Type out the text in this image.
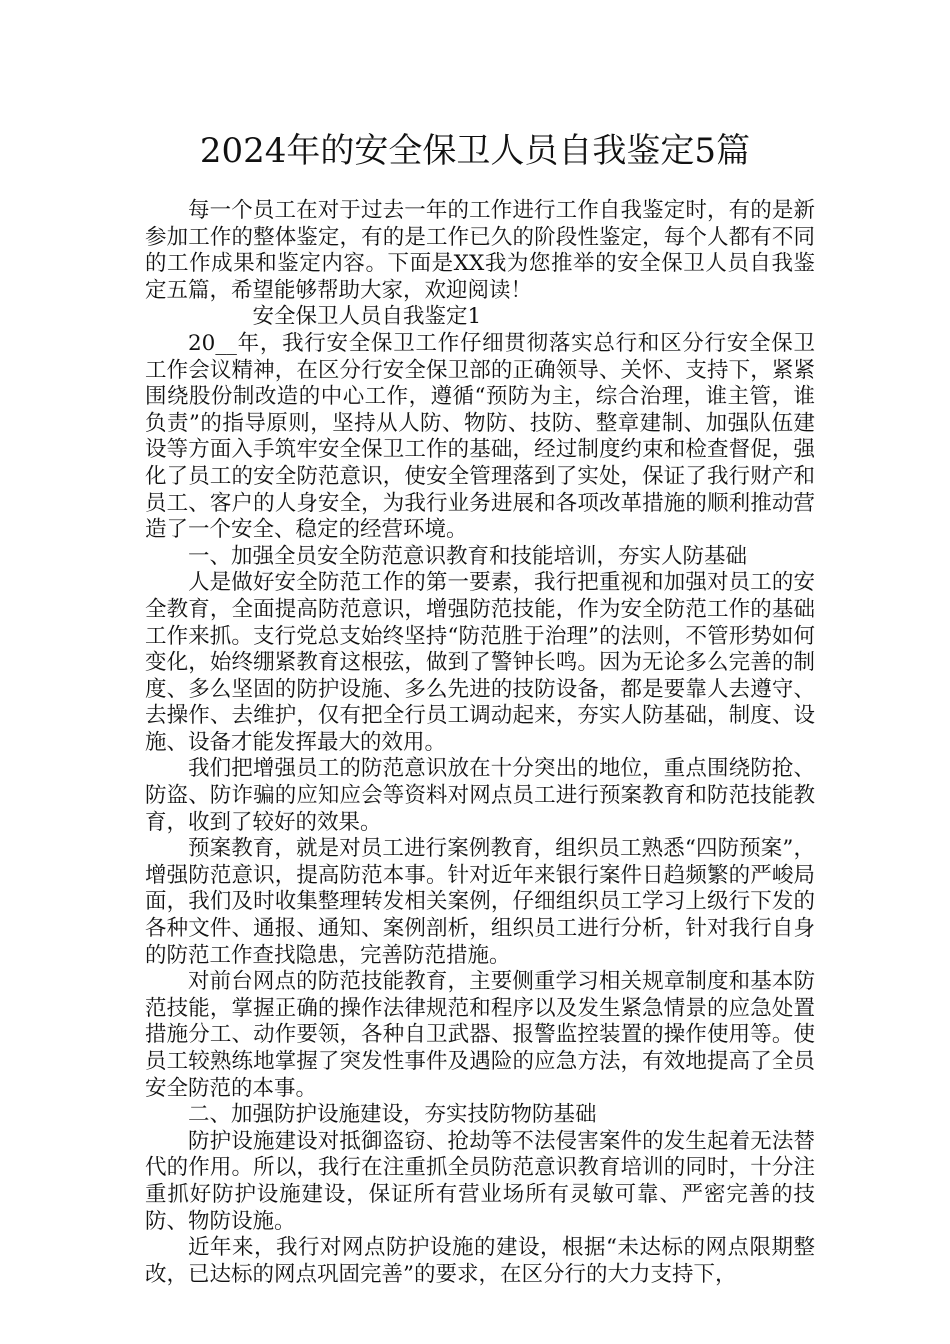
2024年的安全保卫人员自我鉴定5篇

每一个员工在对于过去一年的工作进行工作自我鉴定时，有的是新参加工作的整体鉴定，有的是工作已久的阶段性鉴定，每个人都有不同的工作成果和鉴定内容。下面是XX我为您推举的安全保卫人员自我鉴定五篇，希望能够帮助大家，欢迎阅读！

安全保卫人员自我鉴定1

20__年，我行安全保卫工作仔细贯彻落实总行和区分行安全保卫工作会议精神，在区分行安全保卫部的正确领导、关怀、支持下，紧紧围绕股份制改造的中心工作，遵循“预防为主，综合治理，谁主管，谁负责”的指导原则，坚持从人防、物防、技防、整章建制、加强队伍建设等方面入手筑牢安全保卫工作的基础，经过制度约束和检查督促，强化了员工的安全防范意识，使安全管理落到了实处，保证了我行财产和员工、客户的人身安全，为我行业务进展和各项改革措施的顺利推动营造了一个安全、稳定的经营环境。

一、加强全员安全防范意识教育和技能培训，夯实人防基础

人是做好安全防范工作的第一要素，我行把重视和加强对员工的安全教育，全面提高防范意识，增强防范技能，作为安全防范工作的基础工作来抓。支行党总支始终坚持“防范胜于治理”的法则，不管形势如何变化，始终绷紧教育这根弦，做到了警钟长鸣。因为无论多么完善的制度、多么坚固的防护设施、多么先进的技防设备，都是要靠人去遵守、去操作、去维护，仅有把全行员工调动起来，夯实人防基础，制度、设施、设备才能发挥最大的效用。

我们把增强员工的防范意识放在十分突出的地位，重点围绕防抢、防盗、防诈骗的应知应会等资料对网点员工进行预案教育和防范技能教育，收到了较好的效果。

预案教育，就是对员工进行案例教育，组织员工熟悉“四防预案”，增强防范意识，提高防范本事。针对近年来银行案件日趋频繁的严峻局面，我们及时收集整理转发相关案例，仔细组织员工学习上级行下发的各种文件、通报、通知、案例剖析，组织员工进行分析，针对我行自身的防范工作查找隐患，完善防范措施。

对前台网点的防范技能教育，主要侧重学习相关规章制度和基本防范技能，掌握正确的操作法律规范和程序以及发生紧急情景的应急处置措施分工、动作要领，各种自卫武器、报警监控装置的操作使用等。使员工较熟练地掌握了突发性事件及遇险的应急方法，有效地提高了全员安全防范的本事。

二、加强防护设施建设，夯实技防物防基础

防护设施建设对抵御盗窃、抢劫等不法侵害案件的发生起着无法替代的作用。所以，我行在注重抓全员防范意识教育培训的同时，十分注重抓好防护设施建设，保证所有营业场所有灵敏可靠、严密完善的技防、物防设施。

近年来，我行对网点防护设施的建设，根据“未达标的网点限期整改，已达标的网点巩固完善”的要求，在区分行的大力支持下，
